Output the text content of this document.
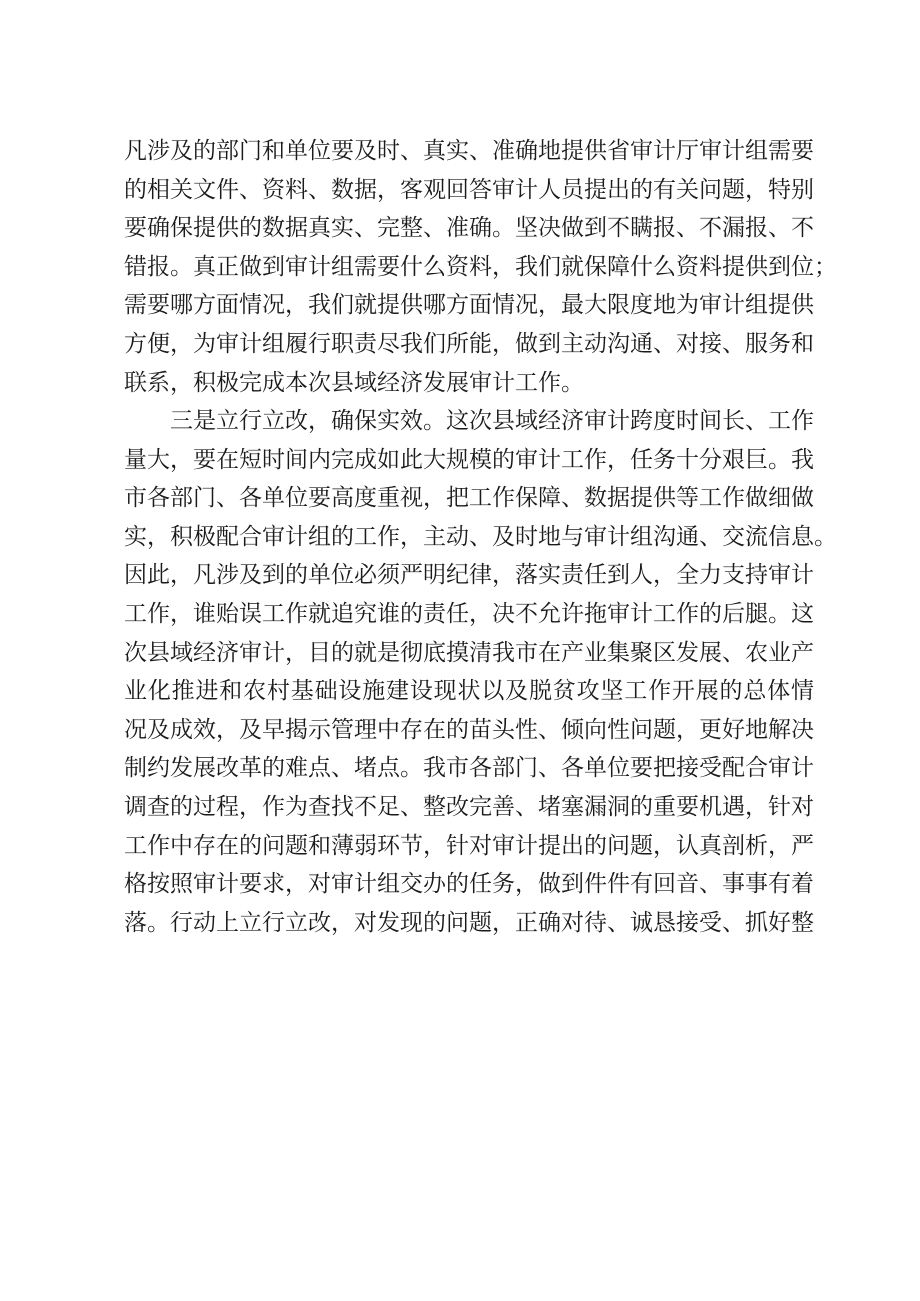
凡涉及的部门和单位要及时、真实、准确地提供省审计厅审计组需要
的相关文件、资料、数据，客观回答审计人员提出的有关问题，特别
要确保提供的数据真实、完整、准确。坚决做到不瞒报、不漏报、不
错报。真正做到审计组需要什么资料，我们就保障什么资料提供到位；
需要哪方面情况，我们就提供哪方面情况，最大限度地为审计组提供
方便，为审计组履行职责尽我们所能，做到主动沟通、对接、服务和
联系，积极完成本次县域经济发展审计工作。
三是立行立改，确保实效。这次县域经济审计跨度时间长、工作
量大，要在短时间内完成如此大规模的审计工作，任务十分艰巨。我
市各部门、各单位要高度重视，把工作保障、数据提供等工作做细做
实，积极配合审计组的工作，主动、及时地与审计组沟通、交流信息。
因此，凡涉及到的单位必须严明纪律，落实责任到人，全力支持审计
工作，谁贻误工作就追究谁的责任，决不允许拖审计工作的后腿。这
次县域经济审计，目的就是彻底摸清我市在产业集聚区发展、农业产
业化推进和农村基础设施建设现状以及脱贫攻坚工作开展的总体情
况及成效，及早揭示管理中存在的苗头性、倾向性问题，更好地解决
制约发展改革的难点、堵点。我市各部门、各单位要把接受配合审计
调查的过程，作为查找不足、整改完善、堵塞漏洞的重要机遇，针对
工作中存在的问题和薄弱环节，针对审计提出的问题，认真剖析，严
格按照审计要求，对审计组交办的任务，做到件件有回音、事事有着
落。行动上立行立改，对发现的问题，正确对待、诚恳接受、抓好整
